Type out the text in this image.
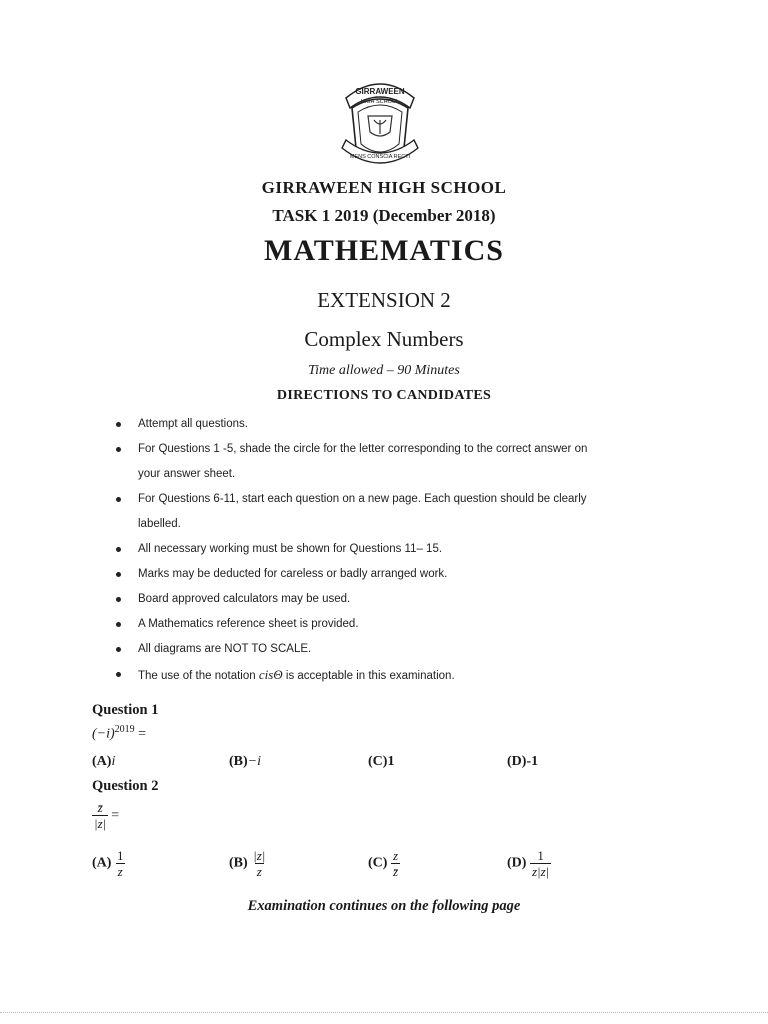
GIRRAWEEN
HIGH SCHOOL
MENS CONSCIA RECTI
GIRRAWEEN HIGH SCHOOL
TASK 1 2019 (December 2018)
MATHEMATICS
EXTENSION 2
Complex Numbers
Time allowed – 90 Minutes
DIRECTIONS TO CANDIDATES
Attempt all questions.
For Questions 1 -5, shade the circle for the letter corresponding to the correct answer on
your answer sheet.
For Questions 6-11, start each question on a new page. Each question should be clearly
labelled.
All necessary working must be shown for Questions 11– 15.
Marks may be deducted for careless or badly arranged work.
Board approved calculators may be used.
A Mathematics reference sheet is provided.
All diagrams are NOT TO SCALE.
The use of the notation cisΘ is acceptable in this examination.
Question 1
$(-i)^{2019}$ =
(A)i	(B)−i	(C)1	(D)-1
Question 2
$\frac{z̄}{|z|}$ =
$(A) \frac{1}{z}$	$(B) \frac{|z|}{z}$	$(C) \frac{z}{z̄}$	$(D) \frac{1}{z|z|}$
Examination continues on the following page
